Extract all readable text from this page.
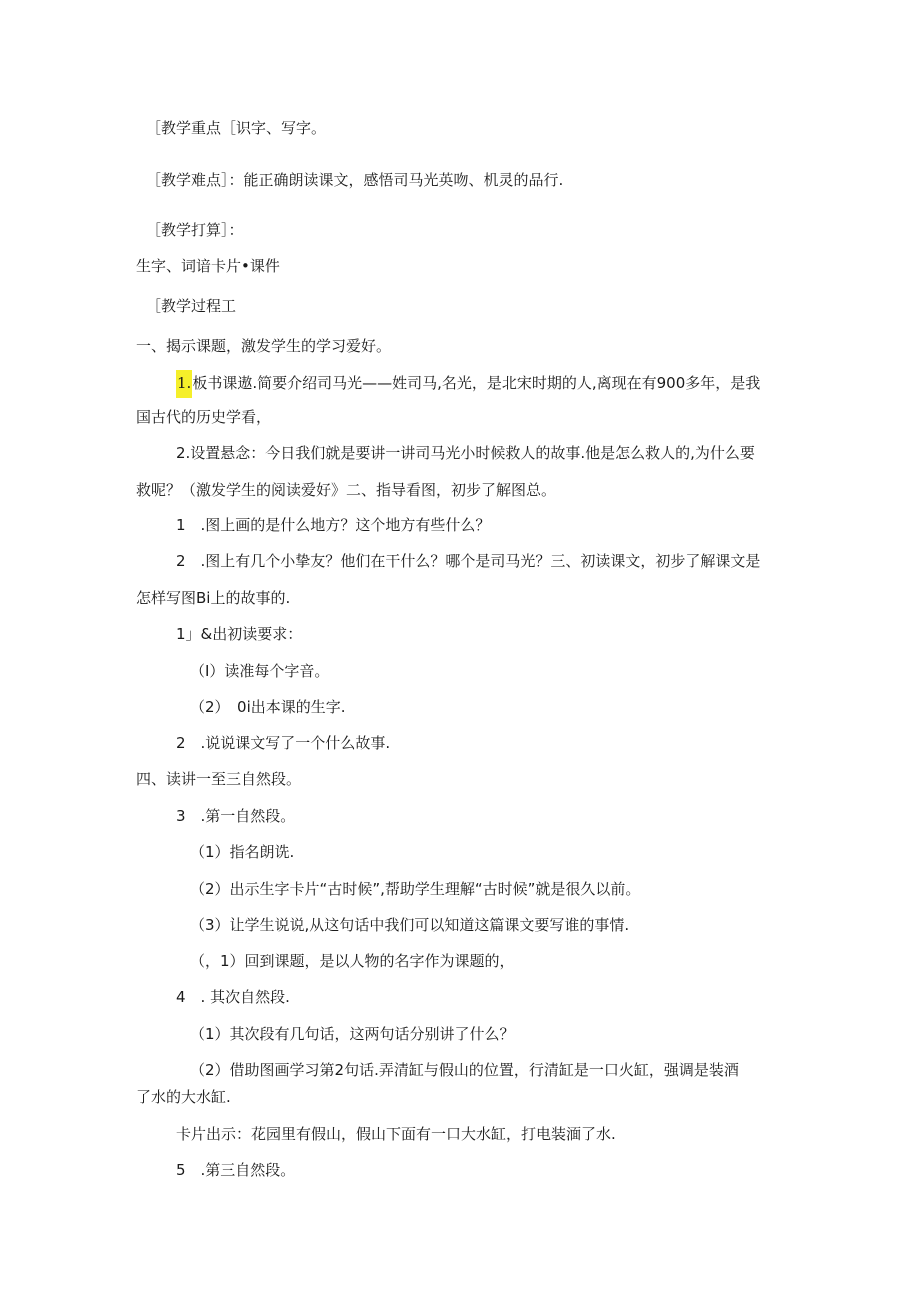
［教学重点［识字、写字。
［教学难点］：能正确朗读课文，感悟司马光英吻、机灵的品行.
［教学打算］：
生字、词谙卡片•课件
［教学过程工
一、揭示课题，激发学生的学习爱好。
1.板书课遨.简要介绍司马光——姓司马,名光，是北宋时期的人,离现在有900多年，是我
国古代的历史学看，
2.设置悬念：今日我们就是要讲一讲司马光小时候救人的故事.他是怎么救人的,为什么要
救呢？（激发学生的阅读爱好》二、指导看图，初步了解图总。
1　.图上画的是什么地方？这个地方有些什么？
2　.图上有几个小挚友？他们在干什么？哪个是司马光？三、初读课文，初步了解课文是
怎样写图Bi上的故事的.
1」&出初读要求：
（I）读准每个字音。
（2）　0i出本课的生字.
2　.说说课文写了一个什么故事.
四、读讲一至三自然段。
3　.第一自然段。
（1）指名朗诜.
（2）出示生字卡片“古时候”,帮助学生理解“古时候”就是很久以前。
（3）让学生说说,从这句话中我们可以知道这篇课文要写谁的事情.
（，1）回到课题，是以人物的名字作为课题的，
4　. 其次自然段.
（1）其次段有几句话，这两句话分别讲了什么？
（2）借助图画学习第2句话.弄清缸与假山的位置，行清缸是一口火缸，强调是装酒
了水的大水缸.
卡片出示：花园里有假山，假山下面有一口大水缸，打电装湎了水.
5　.第三自然段。
